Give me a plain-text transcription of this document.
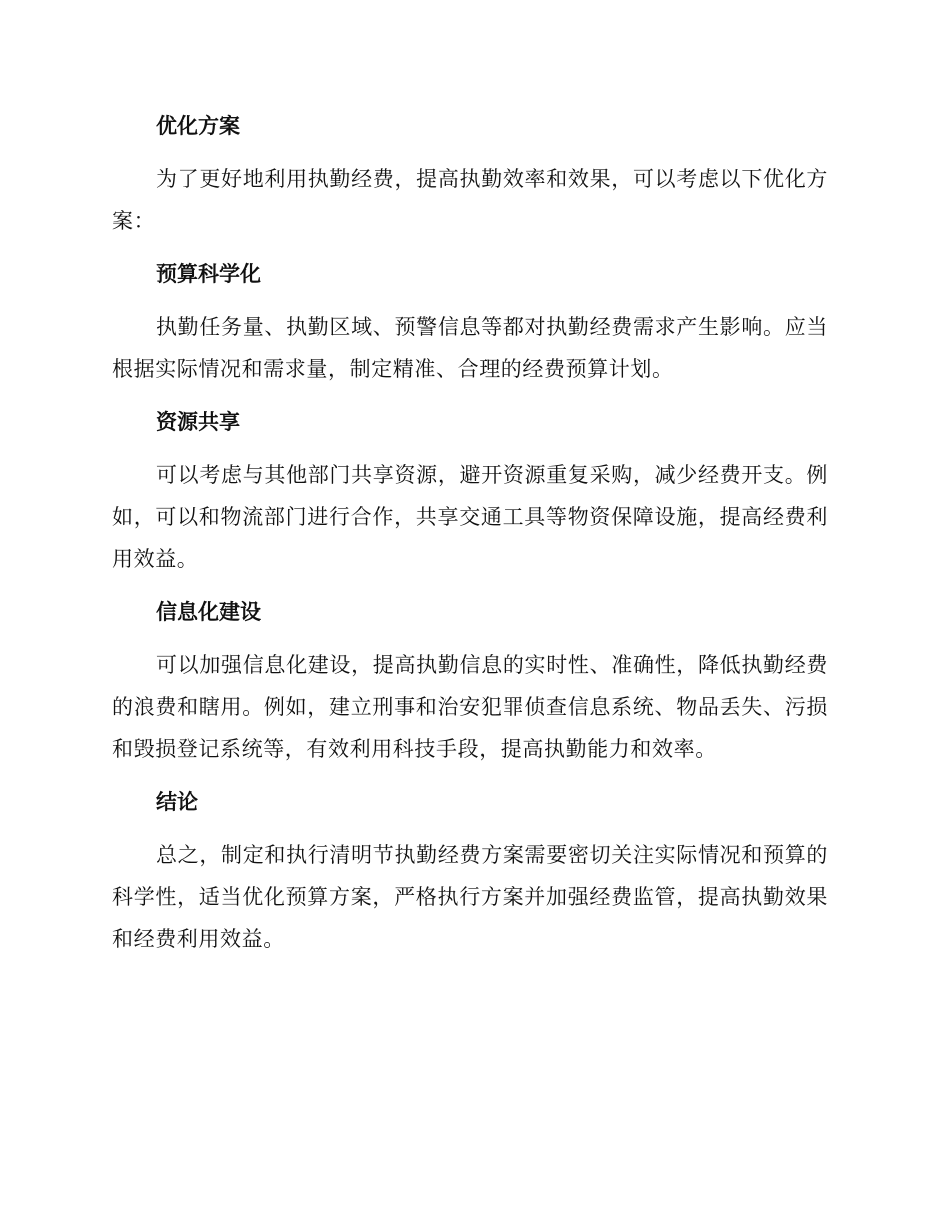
优化方案

为了更好地利用执勤经费，提高执勤效率和效果，可以考虑以下优化方案：

预算科学化

执勤任务量、执勤区域、预警信息等都对执勤经费需求产生影响。应当根据实际情况和需求量，制定精准、合理的经费预算计划。

资源共享

可以考虑与其他部门共享资源，避开资源重复采购，减少经费开支。例如，可以和物流部门进行合作，共享交通工具等物资保障设施，提高经费利用效益。

信息化建设

可以加强信息化建设，提高执勤信息的实时性、准确性，降低执勤经费的浪费和瞎用。例如，建立刑事和治安犯罪侦查信息系统、物品丢失、污损和毁损登记系统等，有效利用科技手段，提高执勤能力和效率。

结论

总之，制定和执行清明节执勤经费方案需要密切关注实际情况和预算的科学性，适当优化预算方案，严格执行方案并加强经费监管，提高执勤效果和经费利用效益。
